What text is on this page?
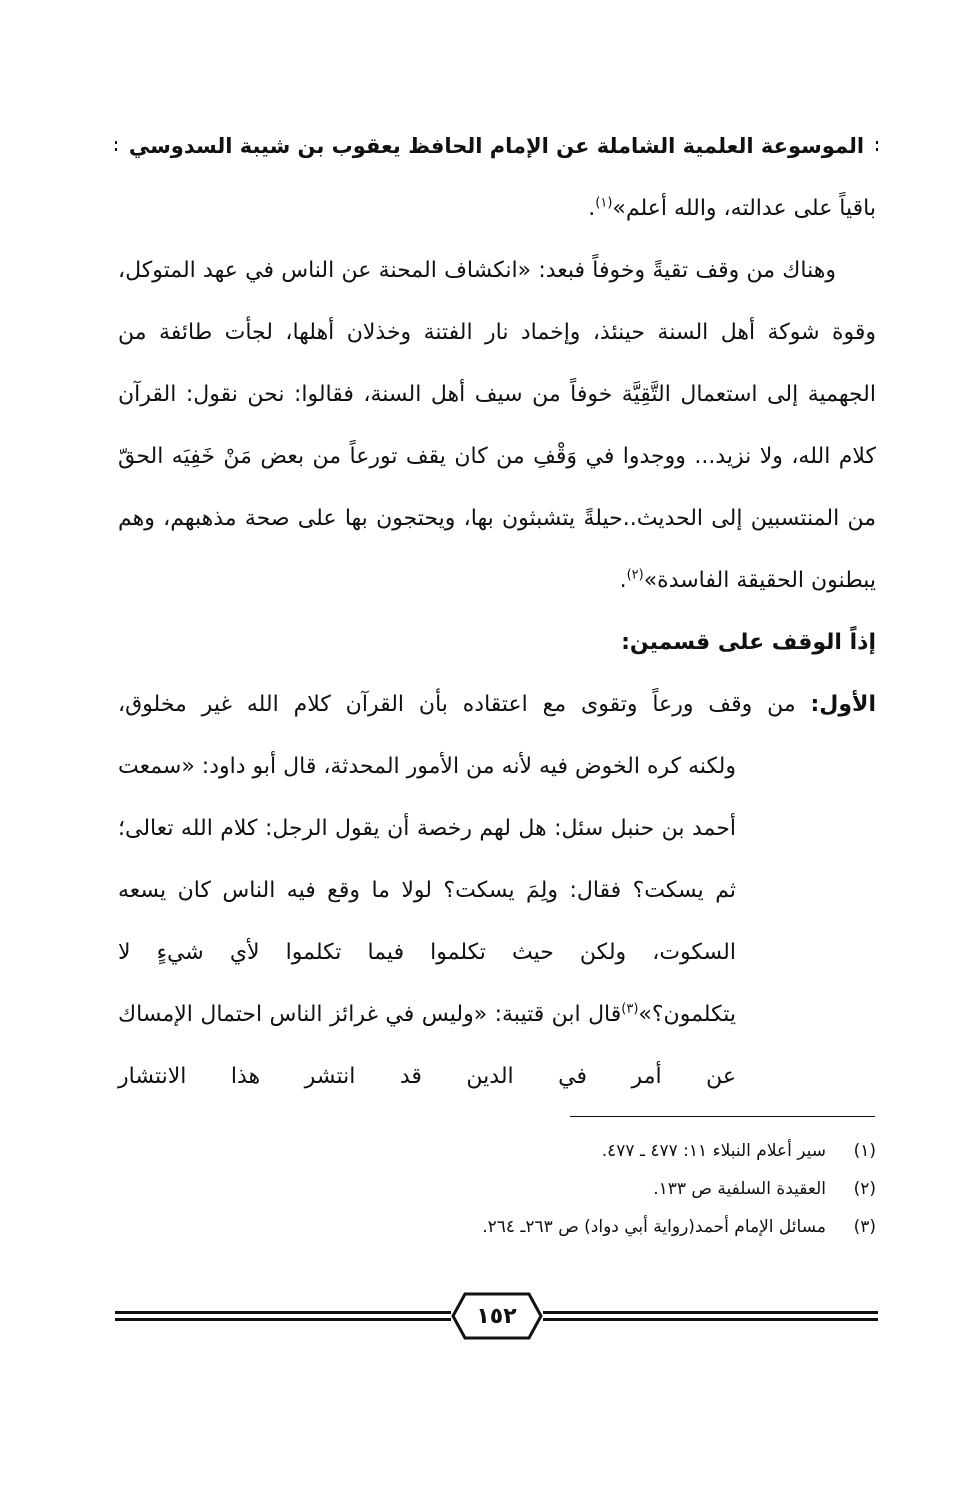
الموسوعة العلمية الشاملة عن الإمام الحافظ يعقوب بن شيبة السدوسي

باقياً على عدالته، والله أعلم»$^{(١)}$.

وهناك من وقف تقيةً وخوفاً فبعد: «انكشاف المحنة عن الناس في عهد المتوكل، وقوة شوكة أهل السنة حينئذ، وإخماد نار الفتنة وخذلان أهلها، لجأت طائفة من الجهمية إلى استعمال التَّقِيَّة خوفاً من سيف أهل السنة، فقالوا: نحن نقول: القرآن كلام الله، ولا نزيد... ووجدوا في وَقْفِ من كان يقف تورعاً من بعض مَنْ خَفِيَه الحقّ من المنتسبين إلى الحديث..حيلةً يتشبثون بها، ويحتجون بها على صحة مذهبهم، وهم يبطنون الحقيقة الفاسدة»$^{(٢)}$.

إذاً الوقف على قسمين:

الأول: من وقف ورعاً وتقوى مع اعتقاده بأن القرآن كلام الله غير مخلوق،

ولكنه كره الخوض فيه لأنه من الأمور المحدثة، قال أبو داود: «سمعت أحمد بن حنبل سئل: هل لهم رخصة أن يقول الرجل: كلام الله تعالى؛ ثم يسكت؟ فقال: ولِمَ يسكت؟ لولا ما وقع فيه الناس كان يسعه السكوت، ولكن حيث تكلموا فيما تكلموا لأي شيءٍ لا يتكلمون؟»$^{(٣)}$قال ابن قتيبة: «وليس في غرائز الناس احتمال الإمساك عن أمر في الدين قد انتشر هذا الانتشار

(١)
سير أعلام النبلاء ١١: ٤٧٧ ـ ٤٧٧.
(٢)
العقيدة السلفية ص ١٣٣.
(٣)
مسائل الإمام أحمد(رواية أبي دواد) ص ٢٦٣ـ ٢٦٤.
١٥٢
